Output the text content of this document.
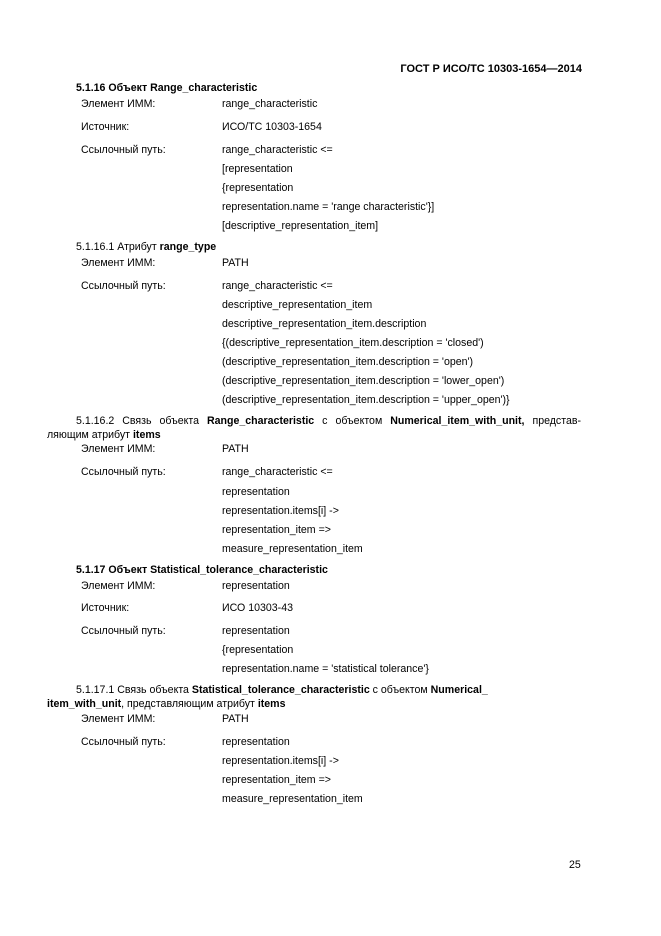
ГОСТ Р ИСО/ТС 10303-1654—2014
5.1.16 Объект Range_characteristic
Элемент ИММ:	range_characteristic
Источник:	ИСО/ТС 10303-1654
Ссылочный путь:	range_characteristic <=
[representation
{representation
representation.name = 'range characteristic'}]
[descriptive_representation_item]
5.1.16.1 Атрибут range_type
Элемент ИММ:	PATH
Ссылочный путь:	range_characteristic <=
descriptive_representation_item
descriptive_representation_item.description
{(descriptive_representation_item.description = 'closed')
(descriptive_representation_item.description = 'open')
(descriptive_representation_item.description = 'lower_open')
(descriptive_representation_item.description = 'upper_open')}
5.1.16.2 Связь объекта Range_characteristic с объектом Numerical_item_with_unit, представ-
ляющим атрибут items
Элемент ИММ:	PATH
Ссылочный путь:	range_characteristic <=
representation
representation.items[i] ->
representation_item =>
measure_representation_item
5.1.17 Объект Statistical_tolerance_characteristic
Элемент ИММ:	representation
Источник:	ИСО 10303-43
Ссылочный путь:	representation
{representation
representation.name = 'statistical tolerance'}
5.1.17.1 Связь объекта Statistical_tolerance_characteristic с объектом Numerical_
item_with_unit, представляющим атрибут items
Элемент ИММ:	PATH
Ссылочный путь:	representation
representation.items[i] ->
representation_item =>
measure_representation_item
25
